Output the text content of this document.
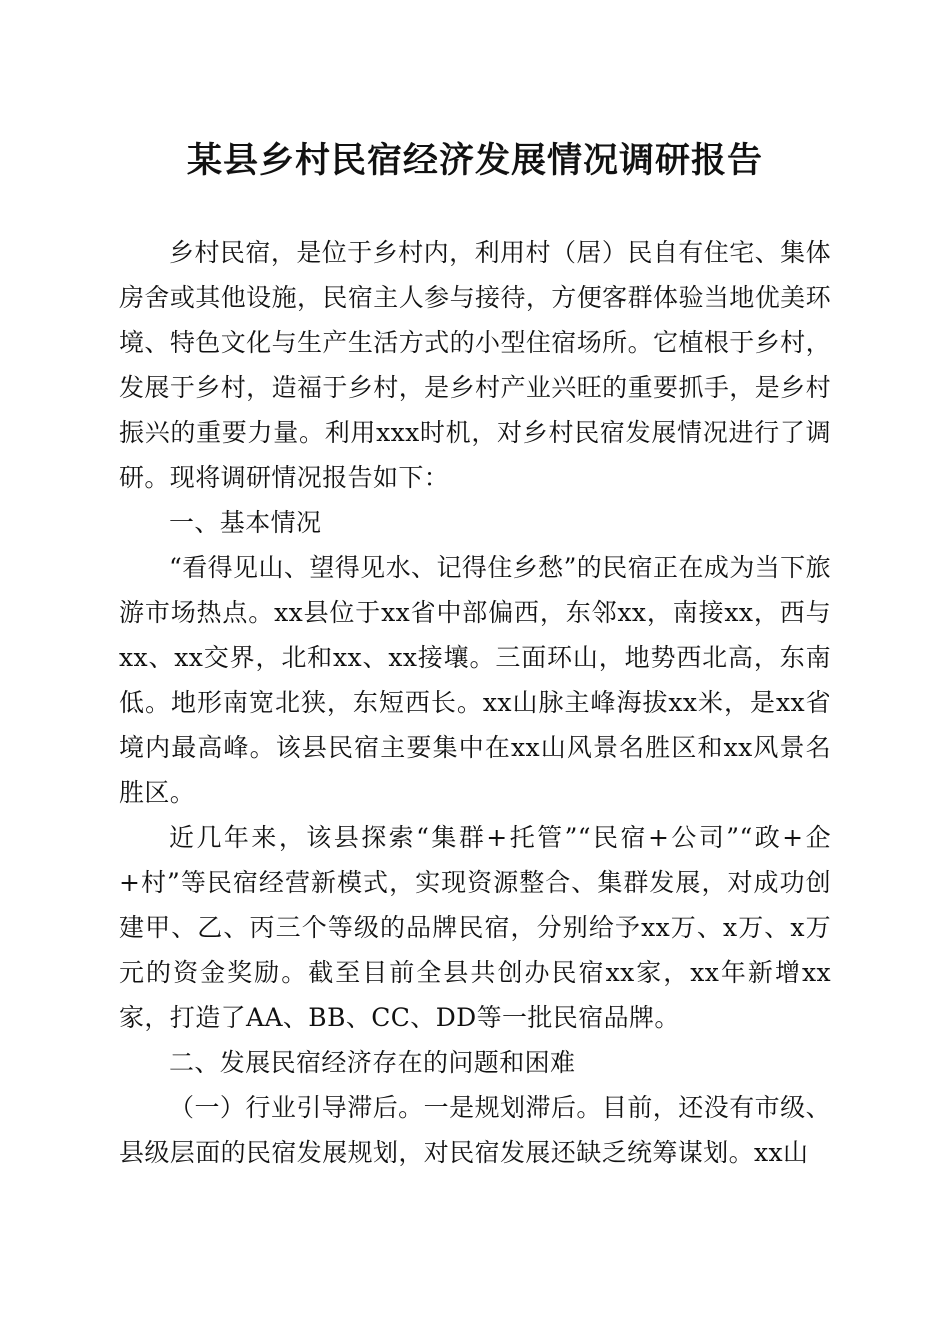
某县乡村民宿经济发展情况调研报告

乡村民宿，是位于乡村内，利用村（居）民自有住宅、集体房舍或其他设施，民宿主人参与接待，方便客群体验当地优美环境、特色文化与生产生活方式的小型住宿场所。它植根于乡村，发展于乡村，造福于乡村，是乡村产业兴旺的重要抓手，是乡村振兴的重要力量。利用xxx时机，对乡村民宿发展情况进行了调研。现将调研情况报告如下：

一、基本情况

“看得见山、望得见水、记得住乡愁”的民宿正在成为当下旅游市场热点。xx县位于xx省中部偏西，东邻xx，南接xx，西与xx、xx交界，北和xx、xx接壤。三面环山，地势西北高，东南低。地形南宽北狭，东短西长。xx山脉主峰海拔xx米，是xx省境内最高峰。该县民宿主要集中在xx山风景名胜区和xx风景名胜区。

近几年来，该县探索“集群+托管”“民宿+公司”“政+企+村”等民宿经营新模式，实现资源整合、集群发展，对成功创建甲、乙、丙三个等级的品牌民宿，分别给予xx万、x万、x万元的资金奖励。截至目前全县共创办民宿xx家，xx年新增xx家，打造了AA、BB、CC、DD等一批民宿品牌。

二、发展民宿经济存在的问题和困难

（一）行业引导滞后。一是规划滞后。目前，还没有市级、县级层面的民宿发展规划，对民宿发展还缺乏统筹谋划。xx山
